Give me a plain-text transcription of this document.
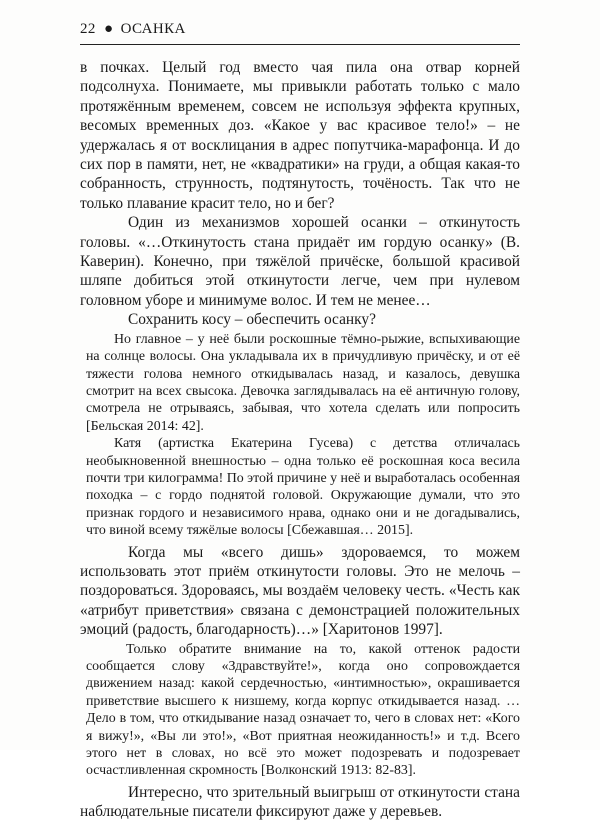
22 ● ОСАНКА

в почках. Целый год вместо чая пила она отвар корней подсолнуха. Понимаете, мы привыкли работать только с мало протяжённым временем, совсем не используя эффекта крупных, весомых временных доз. «Какое у вас красивое тело!» – не удержалась я от восклицания в адрес попутчика-марафонца. И до сих пор в памяти, нет, не «квадратики» на груди, а общая какая-то собранность, струнность, подтянутость, точёность. Так что не только плавание красит тело, но и бег?

Один из механизмов хорошей осанки – откинутость головы. «…Откинутость стана придаёт им гордую осанку» (В. Каверин). Конечно, при тяжёлой причёске, большой красивой шляпе добиться этой откинутости легче, чем при нулевом головном уборе и минимуме волос. И тем не менее…

Сохранить косу – обеспечить осанку?

Но главное – у неё были роскошные тёмно-рыжие, вспыхивающие на солнце волосы. Она укладывала их в причудливую причёску, и от её тяжести голова немного откидывалась назад, и казалось, девушка смотрит на всех свысока. Девочка заглядывалась на её античную голову, смотрела не отрываясь, забывая, что хотела сделать или попросить [Бельская 2014: 42].

Катя (артистка Екатерина Гусева) с детства отличалась необыкновенной внешностью – одна только её роскошная коса весила почти три килограмма! По этой причине у неё и выработалась особенная походка – с гордо поднятой головой. Окружающие думали, что это признак гордого и независимого нрава, однако они и не догадывались, что виной всему тяжёлые волосы [Сбежавшая… 2015].

Когда мы «всего дишь» здороваемся, то можем использовать этот приём откинутости головы. Это не мелочь – поздороваться. Здороваясь, мы воздаём человеку честь. «Честь как «атрибут приветствия» связана с демонстрацией положительных эмоций (радость, благодарность)…» [Харитонов 1997].

Только обратите внимание на то, какой оттенок радости сообщается слову «Здравствуйте!», когда оно сопровождается движением назад: какой сердечностью, «интимностью», окрашивается приветствие высшего к низшему, когда корпус откидывается назад. … Дело в том, что откидывание назад означает то, чего в словах нет: «Кого я вижу!», «Вы ли это!», «Вот приятная неожиданность!» и т.д. Всего этого нет в словах, но всё это может подозревать и подозревает осчастливленная скромность [Волконский 1913: 82-83].

Интересно, что зрительный выигрыш от откинутости стана наблюдательные писатели фиксируют даже у деревьев.
